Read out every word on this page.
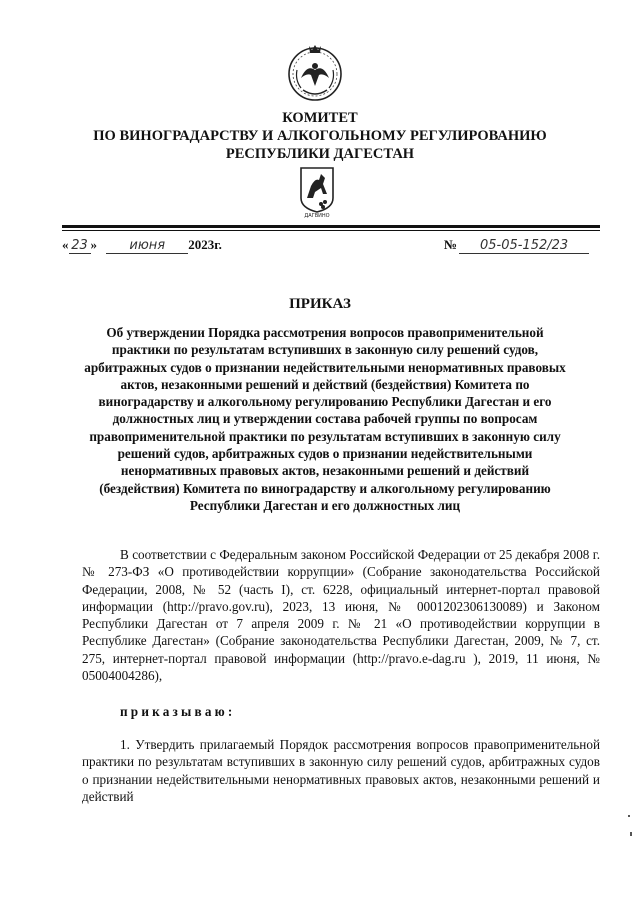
КОМИТЕТ
ПО ВИНОГРАДАРСТВУ И АЛКОГОЛЬНОМУ РЕГУЛИРОВАНИЮ
РЕСПУБЛИКИ ДАГЕСТАН
ДАГВИНО
« 23 » июня 2023г.	№ 05-05-152/23
ПРИКАЗ
Об утверждении Порядка рассмотрения вопросов правоприменительной практики по результатам вступивших в законную силу решений судов, арбитражных судов о признании недействительными ненормативных правовых актов, незаконными решений и действий (бездействия) Комитета по виноградарству и алкогольному регулированию Республики Дагестан и его должностных лиц и утверждении состава рабочей группы по вопросам правоприменительной практики по результатам вступивших в законную силу решений судов, арбитражных судов о признании недействительными ненормативных правовых актов, незаконными решений и действий (бездействия) Комитета по виноградарству и алкогольному регулированию Республики Дагестан и его должностных лиц
В соответствии с Федеральным законом Российской Федерации от 25 декабря 2008 г. № 273-ФЗ «О противодействии коррупции» (Собрание законодательства Российской Федерации, 2008, № 52 (часть I), ст. 6228, официальный интернет-портал правовой информации (http://pravo.gov.ru), 2023, 13 июня, № 0001202306130089) и Законом Республики Дагестан от 7 апреля 2009 г. № 21 «О противодействии коррупции в Республике Дагестан» (Собрание законодательства Республики Дагестан, 2009, № 7, ст. 275, интернет-портал правовой информации (http://pravo.e-dag.ru ), 2019, 11 июня, № 05004004286),
приказываю:
1. Утвердить прилагаемый Порядок рассмотрения вопросов правоприменительной практики по результатам вступивших в законную силу решений судов, арбитражных судов о признании недействительными ненормативных правовых актов, незаконными решений и действий
